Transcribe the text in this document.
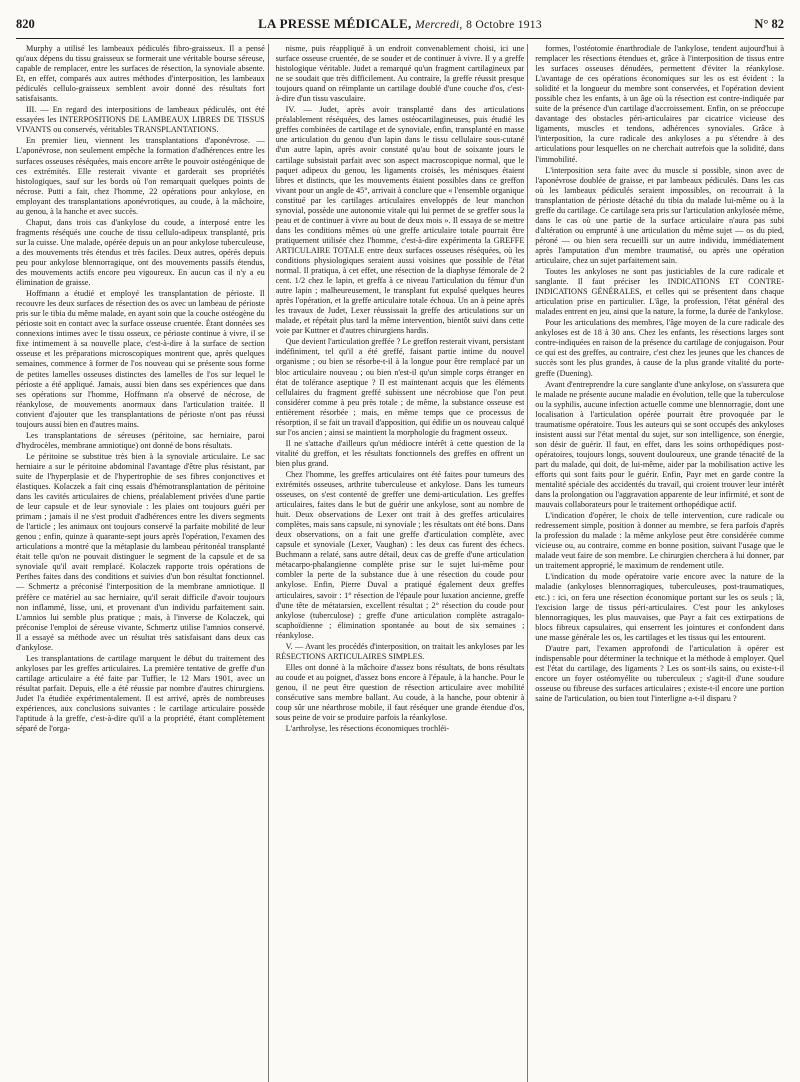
820	LA PRESSE MÉDICALE, Mercredi, 8 Octobre 1913	N° 82

Murphy a utilisé les lambeaux pédiculés fibro-graisseux. Il a pensé qu'aux dépens du tissu graisseux se formerait une véritable bourse séreuse, capable de remplacer, entre les surfaces de résection, la synoviale absente. Et, en effet, comparés aux autres méthodes d'interposition, les lambeaux pédiculés cellulo-graisseux semblent avoir donné des résultats fort satisfaisants.

III. — En regard des interpositions de lambeaux pédiculés, ont été essayées les INTERPOSITIONS DE LAMBEAUX LIBRES DE TISSUS VIVANTS ou conservés, véritables TRANSPLANTATIONS.

En premier lieu, viennent les transplantations d'aponévrose. — L'aponévrose, non seulement empêche la formation d'adhérences entre les surfaces osseuses réséquées, mais encore arrête le pouvoir ostéogénique de ces extrémités. Elle resterait vivante et garderait ses propriétés histologiques, sauf sur les bords où l'on remarquait quelques points de nécrose. Putti a fait, chez l'homme, 22 opérations pour ankylose, en employant des transplantations aponévrotiques, au coude, à la mâchoire, au genou, à la hanche et avec succès.

Chaput, dans trois cas d'ankylose du coude, a interposé entre les fragments réséqués une couche de tissu cellulo-adipeux transplanté, pris sur la cuisse. Une malade, opérée depuis un an pour ankylose tuberculeuse, a des mouvements très étendus et très faciles. Deux autres, opérés depuis peu pour ankylose blennorragique, ont des mouvements passifs étendus, des mouvements actifs encore peu vigoureux. En aucun cas il n'y a eu élimination de graisse.

Hoffmann a étudié et employé les transplantation de périoste. Il recouvre les deux surfaces de résection des os avec un lambeau de périoste pris sur le tibia du même malade, en ayant soin que la couche ostéogène du périoste soit en contact avec la surface osseuse cruentée. Étant données ses connexions intimes avec le tissu osseux, ce périoste continue à vivre, il se fixe intimement à sa nouvelle place, c'est-à-dire à la surface de section osseuse et les préparations microscopiques montrent que, après quelques semaines, commence à former de l'os nouveau qui se présente sous forme de petites lamelles osseuses distinctes des lamelles de l'os sur lequel le périoste a été appliqué. Jamais, aussi bien dans ses expériences que dans ses opérations sur l'homme, Hoffmann n'a observé de nécrose, de réankylose, de mouvements anormaux dans l'articulation traitée. Il convient d'ajouter que les transplantations de périoste n'ont pas réussi toujours aussi bien en d'autres mains.

Les transplantations de séreuses (péritoine, sac herniaire, paroi d'hydrocèles, membrane amniotique) ont donné de bons résultats.

Le péritoine se substitue très bien à la synoviale articulaire. Le sac herniaire a sur le péritoine abdominal l'avantage d'être plus résistant, par suite de l'hyperplasie et de l'hypertrophie de ses fibres conjonctives et élastiques. Kolaczek a fait cinq essais d'hémotransplantation de péritoine dans les cavités articulaires de chiens, préalablement privées d'une partie de leur capsule et de leur synoviale : les plaies ont toujours guéri per primam ; jamais il ne s'est produit d'adhérences entre les divers segments de l'article ; les animaux ont toujours conservé la parfaite mobilité de leur genou ; enfin, quinze à quarante-sept jours après l'opération, l'examen des articulations a montré que la métaplasie du lambeau péritonéal transplanté était telle qu'on ne pouvait distinguer le segment de la capsule et de sa synoviale qu'il avait remplacé. Kolaczek rapporte trois opérations de Perthes faites dans des conditions et suivies d'un bon résultat fonctionnel. — Schmertz a préconisé l'interposition de la membrane amniotique. Il préfère ce matériel au sac herniaire, qu'il serait difficile d'avoir toujours non inflammé, lisse, uni, et provenant d'un individu parfaitement sain. L'amnios lui semble plus pratique ; mais, à l'inverse de Kolaczek, qui préconise l'emploi de séreuse vivante, Schmertz utilise l'amnios conservé. Il a essayé sa méthode avec un résultat très satisfaisant dans deux cas d'ankylose.

Les transplantations de cartilage marquent le début du traitement des ankyloses par les greffes articulaires. La première tentative de greffe d'un cartilage articulaire a été faite par Tuffier, le 12 Mars 1901, avec un résultat parfait. Depuis, elle a été réussie par nombre d'autres chirurgiens. Judet l'a étudiée expérimentalement. Il est arrivé, après de nombreuses expériences, aux conclusions suivantes : le cartilage articulaire possède l'aptitude à la greffe, c'est-à-dire qu'il a la propriété, étant complètement séparé de l'orga-

nisme, puis réappliqué à un endroit convenablement choisi, ici une surface osseuse cruentée, de se souder et de continuer à vivre. Il y a greffe histologique véritable. Judet a remarqué qu'un fragment cartilagineux par ne se soudait que très difficilement. Au contraire, la greffe réussit presque toujours quand on réimplante un cartilage doublé d'une couche d'os, c'est-à-dire d'un tissu vasculaire.

IV. — Judet, après avoir transplanté dans des articulations préalablement réséquées, des lames ostéocartilagineuses, puis étudié les greffes combinées de cartilage et de synoviale, enfin, transplanté en masse une articulation du genou d'un lapin dans le tissu cellulaire sous-cutané d'un autre lapin, après avoir constaté qu'au bout de soixante jours le cartilage subsistait parfait avec son aspect macroscopique normal, que le paquet adipeux du genou, les ligaments croisés, les ménisques étaient libres et distincts, que les mouvements étaient possibles dans ce greffon vivant pour un angle de 45°, arrivait à conclure que « l'ensemble organique constitué par les cartilages articulaires enveloppés de leur manchon synovial, possède une autonomie vitale qui lui permet de se greffer sous la peau et de continuer à vivre au bout de deux mois ». Il essaya de se mettre dans les conditions mêmes où une greffe articulaire totale pourrait être pratiquement utilisée chez l'homme, c'est-à-dire expérimenta la GREFFE ARTICULAIRE TOTALE entre deux surfaces osseuses réséquées, où les conditions physiologiques seraient aussi voisines que possible de l'état normal. Il pratiqua, à cet effet, une résection de la diaphyse fémorale de 2 cent. 1/2 chez le lapin, et greffa à ce niveau l'articulation du fémur d'un autre lapin ; malheureusement, le transplant fut expulsé quelques heures après l'opération, et la greffe articulaire totale échoua. Un an à peine après les travaux de Judet, Lexer réussissait la greffe des articulations sur un malade, et répétait plus tard la même intervention, bientôt suivi dans cette voie par Kuttner et d'autres chirurgiens hardis.

Que devient l'articulation greffée ? Le greffon resterait vivant, persistant indéfiniment, tel qu'il a été greffé, faisant partie intime du nouvel organisme ; ou bien se résorbe-t-il à la longue pour être remplacé par un bloc articulaire nouveau ; ou bien n'est-il qu'un simple corps étranger en état de tolérance aseptique ? Il est maintenant acquis que les éléments cellulaires du fragment greffé subissent une nécrobiose que l'on peut considérer comme à peu près totale ; de même, la substance osseuse est entièrement résorbée ; mais, en même temps que ce processus de résorption, il se fait un travail d'apposition, qui édifie un os nouveau calqué sur l'os ancien ; ainsi se maintient la morphologie du fragment osseux.

Il ne s'attache d'ailleurs qu'un médiocre intérêt à cette question de la vitalité du greffon, et les résultats fonctionnels des greffes en offrent un bien plus grand.

Chez l'homme, les greffes articulaires ont été faites pour tumeurs des extrémités osseuses, arthrite tuberculeuse et ankylose. Dans les tumeurs osseuses, on s'est contenté de greffer une demi-articulation. Les greffes articulaires, faites dans le but de guérir une ankylose, sont au nombre de huit. Deux observations de Lexer ont trait à des greffes articulaires complètes, mais sans capsule, ni synoviale ; les résultats ont été bons. Dans deux observations, on a fait une greffe d'articulation complète, avec capsule et synoviale (Lexer, Vaughan) : les deux cas furent des échecs. Buchmann a relaté, sans autre détail, deux cas de greffe d'une articulation métacarpo-phalangienne complète prise sur le sujet lui-même pour combler la perte de la substance due à une résection du coude pour ankylose. Enfin, Pierre Duval a pratiqué également deux greffes articulaires, savoir : 1° résection de l'épaule pour luxation ancienne, greffe d'une tête de métatarsien, excellent résultat ; 2° résection du coude pour ankylose (tuberculose) ; greffe d'une articulation complète astragalo-scaphoïdienne ; élimination spontanée au bout de six semaines ; réankylose.

V. — Avant les procédés d'interposition, on traitait les ankyloses par les RÉSECTIONS ARTICULAIRES SIMPLES.

Elles ont donné à la mâchoire d'assez bons résultats, de bons résultats au coude et au poignet, d'assez bons encore à l'épaule, à la hanche. Pour le genou, il ne peut être question de résection articulaire avec mobilité consécutive sans membre ballant. Au coude, à la hanche, pour obtenir à coup sûr une néarthrose mobile, il faut réséquer une grande étendue d'os, sous peine de voir se produire parfois la réankylose.

L'arthrolyse, les résections économiques trochléi-

formes, l'ostéotomie énarthrodiale de l'ankylose, tendent aujourd'hui à remplacer les résections étendues et, grâce à l'interposition de tissus entre les surfaces osseuses dénudées, permettent d'éviter la réankylose. L'avantage de ces opérations économiques sur les os est évident : la solidité et la longueur du membre sont conservées, et l'opération devient possible chez les enfants, à un âge où la résection est contre-indiquée par suite de la présence d'un cartilage d'accroissement. Enfin, on se préoccupe davantage des obstacles péri-articulaires par cicatrice vicieuse des ligaments, muscles et tendons, adhérences synoviales. Grâce à l'interposition, la cure radicale des ankyloses a pu s'étendre à des articulations pour lesquelles on ne cherchait autrefois que la solidité, dans l'immobilité.

L'interposition sera faite avec du muscle si possible, sinon avec de l'aponévrose doublée de graisse, et par lambeaux pédiculés. Dans les cas où les lambeaux pédiculés seraient impossibles, on recourrait à la transplantation de périoste détaché du tibia du malade lui-même ou à la greffe du cartilage. Ce cartilage sera pris sur l'articulation ankylosée même, dans le cas où une partie de la surface articulaire n'aura pas subi d'altération ou emprunté à une articulation du même sujet — os du pied, péroné — ou bien sera recueilli sur un autre individu, immédiatement après l'amputation d'un membre traumatisé, ou après une opération articulaire, chez un sujet parfaitement sain.

Toutes les ankyloses ne sont pas justiciables de la cure radicale et sanglante. Il faut préciser les INDICATIONS ET CONTRE-INDICATIONS GÉNÉRALES, et celles qui se présentent dans chaque articulation prise en particulier. L'âge, la profession, l'état général des malades entrent en jeu, ainsi que la nature, la forme, la durée de l'ankylose.

Pour les articulations des membres, l'âge moyen de la cure radicale des ankyloses est de 18 à 30 ans. Chez les enfants, les résections larges sont contre-indiquées en raison de la présence du cartilage de conjugaison. Pour ce qui est des greffes, au contraire, c'est chez les jeunes que les chances de succès sont les plus grandes, à cause de la plus grande vitalité du porte-greffe (Duening).

Avant d'entreprendre la cure sanglante d'une ankylose, on s'assurera que le malade ne présente aucune maladie en évolution, telle que la tuberculose ou la syphilis, aucune infection actuelle comme une blennorragie, dont une localisation à l'articulation opérée pourrait être provoquée par le traumatisme opératoire. Tous les auteurs qui se sont occupés des ankyloses insistent aussi sur l'état mental du sujet, sur son intelligence, son énergie, son désir de guérir. Il faut, en effet, dans les soins orthopédiques post-opératoires, toujours longs, souvent douloureux, une grande ténacité de la part du malade, qui doit, de lui-même, aider par la mobilisation active les efforts qui sont faits pour le guérir. Enfin, Payr met en garde contre la mentalité spéciale des accidentés du travail, qui croient trouver leur intérêt dans la prolongation ou l'aggravation apparente de leur infirmité, et sont de mauvais collaborateurs pour le traitement orthopédique actif.

L'indication d'opérer, le choix de telle intervention, cure radicale ou redressement simple, position à donner au membre, se fera parfois d'après la profession du malade : la même ankylose peut être considérée comme vicieuse ou, au contraire, comme en bonne position, suivant l'usage que le malade veut faire de son membre. Le chirurgien cherchera à lui donner, par un traitement approprié, le maximum de rendement utile.

L'indication du mode opératoire varie encore avec la nature de la maladie (ankyloses blennorragiques, tuberculeuses, post-traumatiques, etc.) : ici, on fera une résection économique portant sur les os seuls ; là, l'excision large de tissus péri-articulaires. C'est pour les ankyloses blennorragiques, les plus mauvaises, que Payr a fait ces extirpations de blocs fibreux capsulaires, qui enserrent les jointures et confondent dans une masse générale les os, les cartilages et les tissus qui les entourent.

D'autre part, l'examen approfondi de l'articulation à opérer est indispensable pour déterminer la technique et la méthode à employer. Quel est l'état du cartilage, des ligaments ? Les os sont-ils sains, ou existe-t-il encore un foyer ostéomyélite ou tuberculeux ; s'agit-il d'une soudure osseuse ou fibreuse des surfaces articulaires ; existe-t-il encore une portion saine de l'articulation, ou bien tout l'interligne a-t-il disparu ?
